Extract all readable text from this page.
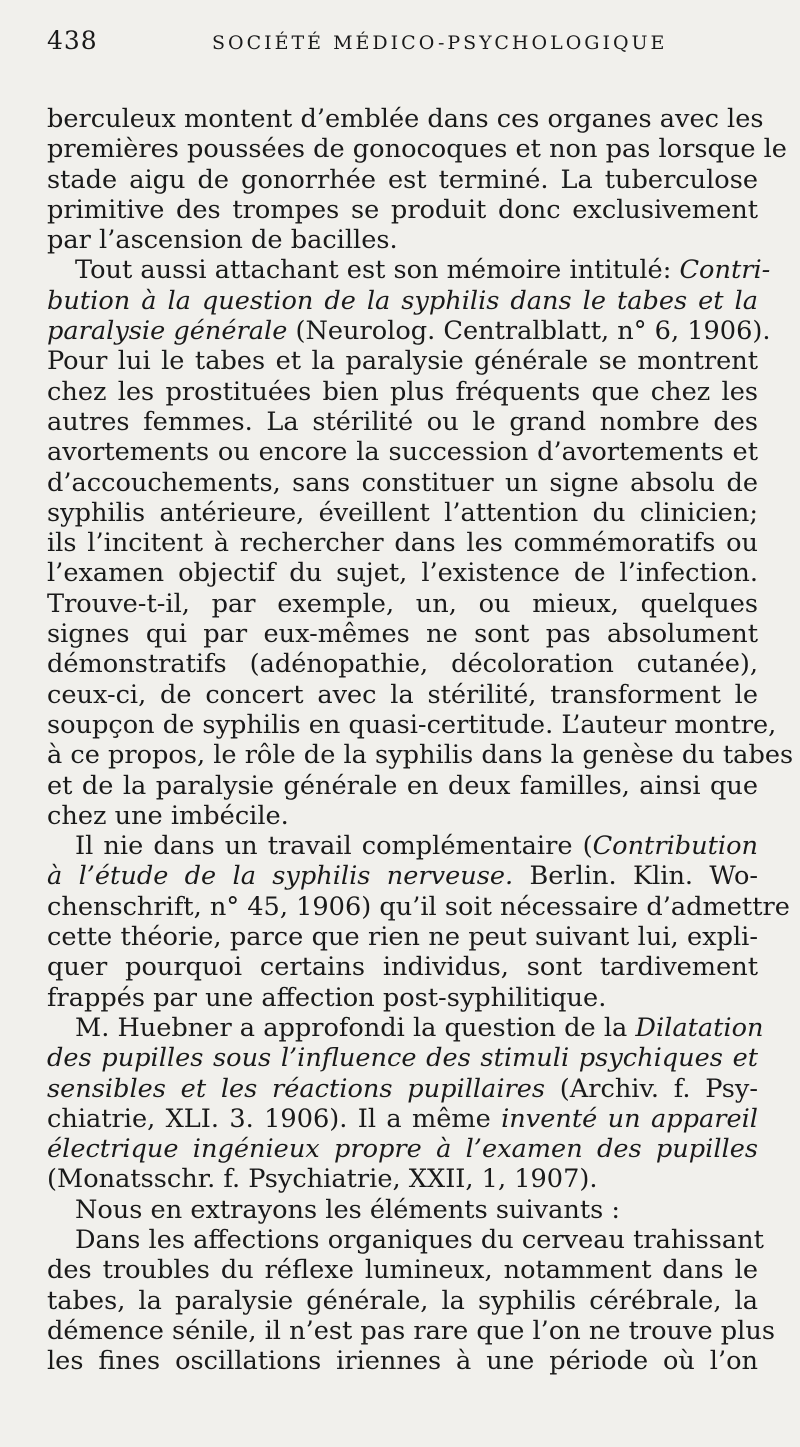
438	SOCIÉTÉ MÉDICO-PSYCHOLOGIQUE
berculeux montent d’emblée dans ces organes avec les
premières poussées de gonocoques et non pas lorsque le
stade aigu de gonorrhée est terminé. La tuberculose
primitive des trompes se produit donc exclusivement
par l’ascension de bacilles.
Tout aussi attachant est son mémoire intitulé: Contri-
bution à la question de la syphilis dans le tabes et la
paralysie générale (Neurolog. Centralblatt, n° 6, 1906).
Pour lui le tabes et la paralysie générale se montrent
chez les prostituées bien plus fréquents que chez les
autres femmes. La stérilité ou le grand nombre des
avortements ou encore la succession d’avortements et
d’accouchements, sans constituer un signe absolu de
syphilis antérieure, éveillent l’attention du clinicien;
ils l’incitent à rechercher dans les commémoratifs ou
l’examen objectif du sujet, l’existence de l’infection.
Trouve-t-il, par exemple, un, ou mieux, quelques
signes qui par eux-mêmes ne sont pas absolument
démonstratifs (adénopathie, décoloration cutanée),
ceux-ci, de concert avec la stérilité, transforment le
soupçon de syphilis en quasi-certitude. L’auteur montre,
à ce propos, le rôle de la syphilis dans la genèse du tabes
et de la paralysie générale en deux familles, ainsi que
chez une imbécile.
Il nie dans un travail complémentaire (Contribution
à l’étude de la syphilis nerveuse. Berlin. Klin. Wo-
chenschrift, n° 45, 1906) qu’il soit nécessaire d’admettre
cette théorie, parce que rien ne peut suivant lui, expli-
quer pourquoi certains individus, sont tardivement
frappés par une affection post-syphilitique.
M. Huebner a approfondi la question de la Dilatation
des pupilles sous l’influence des stimuli psychiques et
sensibles et les réactions pupillaires (Archiv. f. Psy-
chiatrie, XLI. 3. 1906). Il a même inventé un appareil
électrique ingénieux propre à l’examen des pupilles
(Monatsschr. f. Psychiatrie, XXII, 1, 1907).
Nous en extrayons les éléments suivants :
Dans les affections organiques du cerveau trahissant
des troubles du réflexe lumineux, notamment dans le
tabes, la paralysie générale, la syphilis cérébrale, la
démence sénile, il n’est pas rare que l’on ne trouve plus
les fines oscillations iriennes à une période où l’on
